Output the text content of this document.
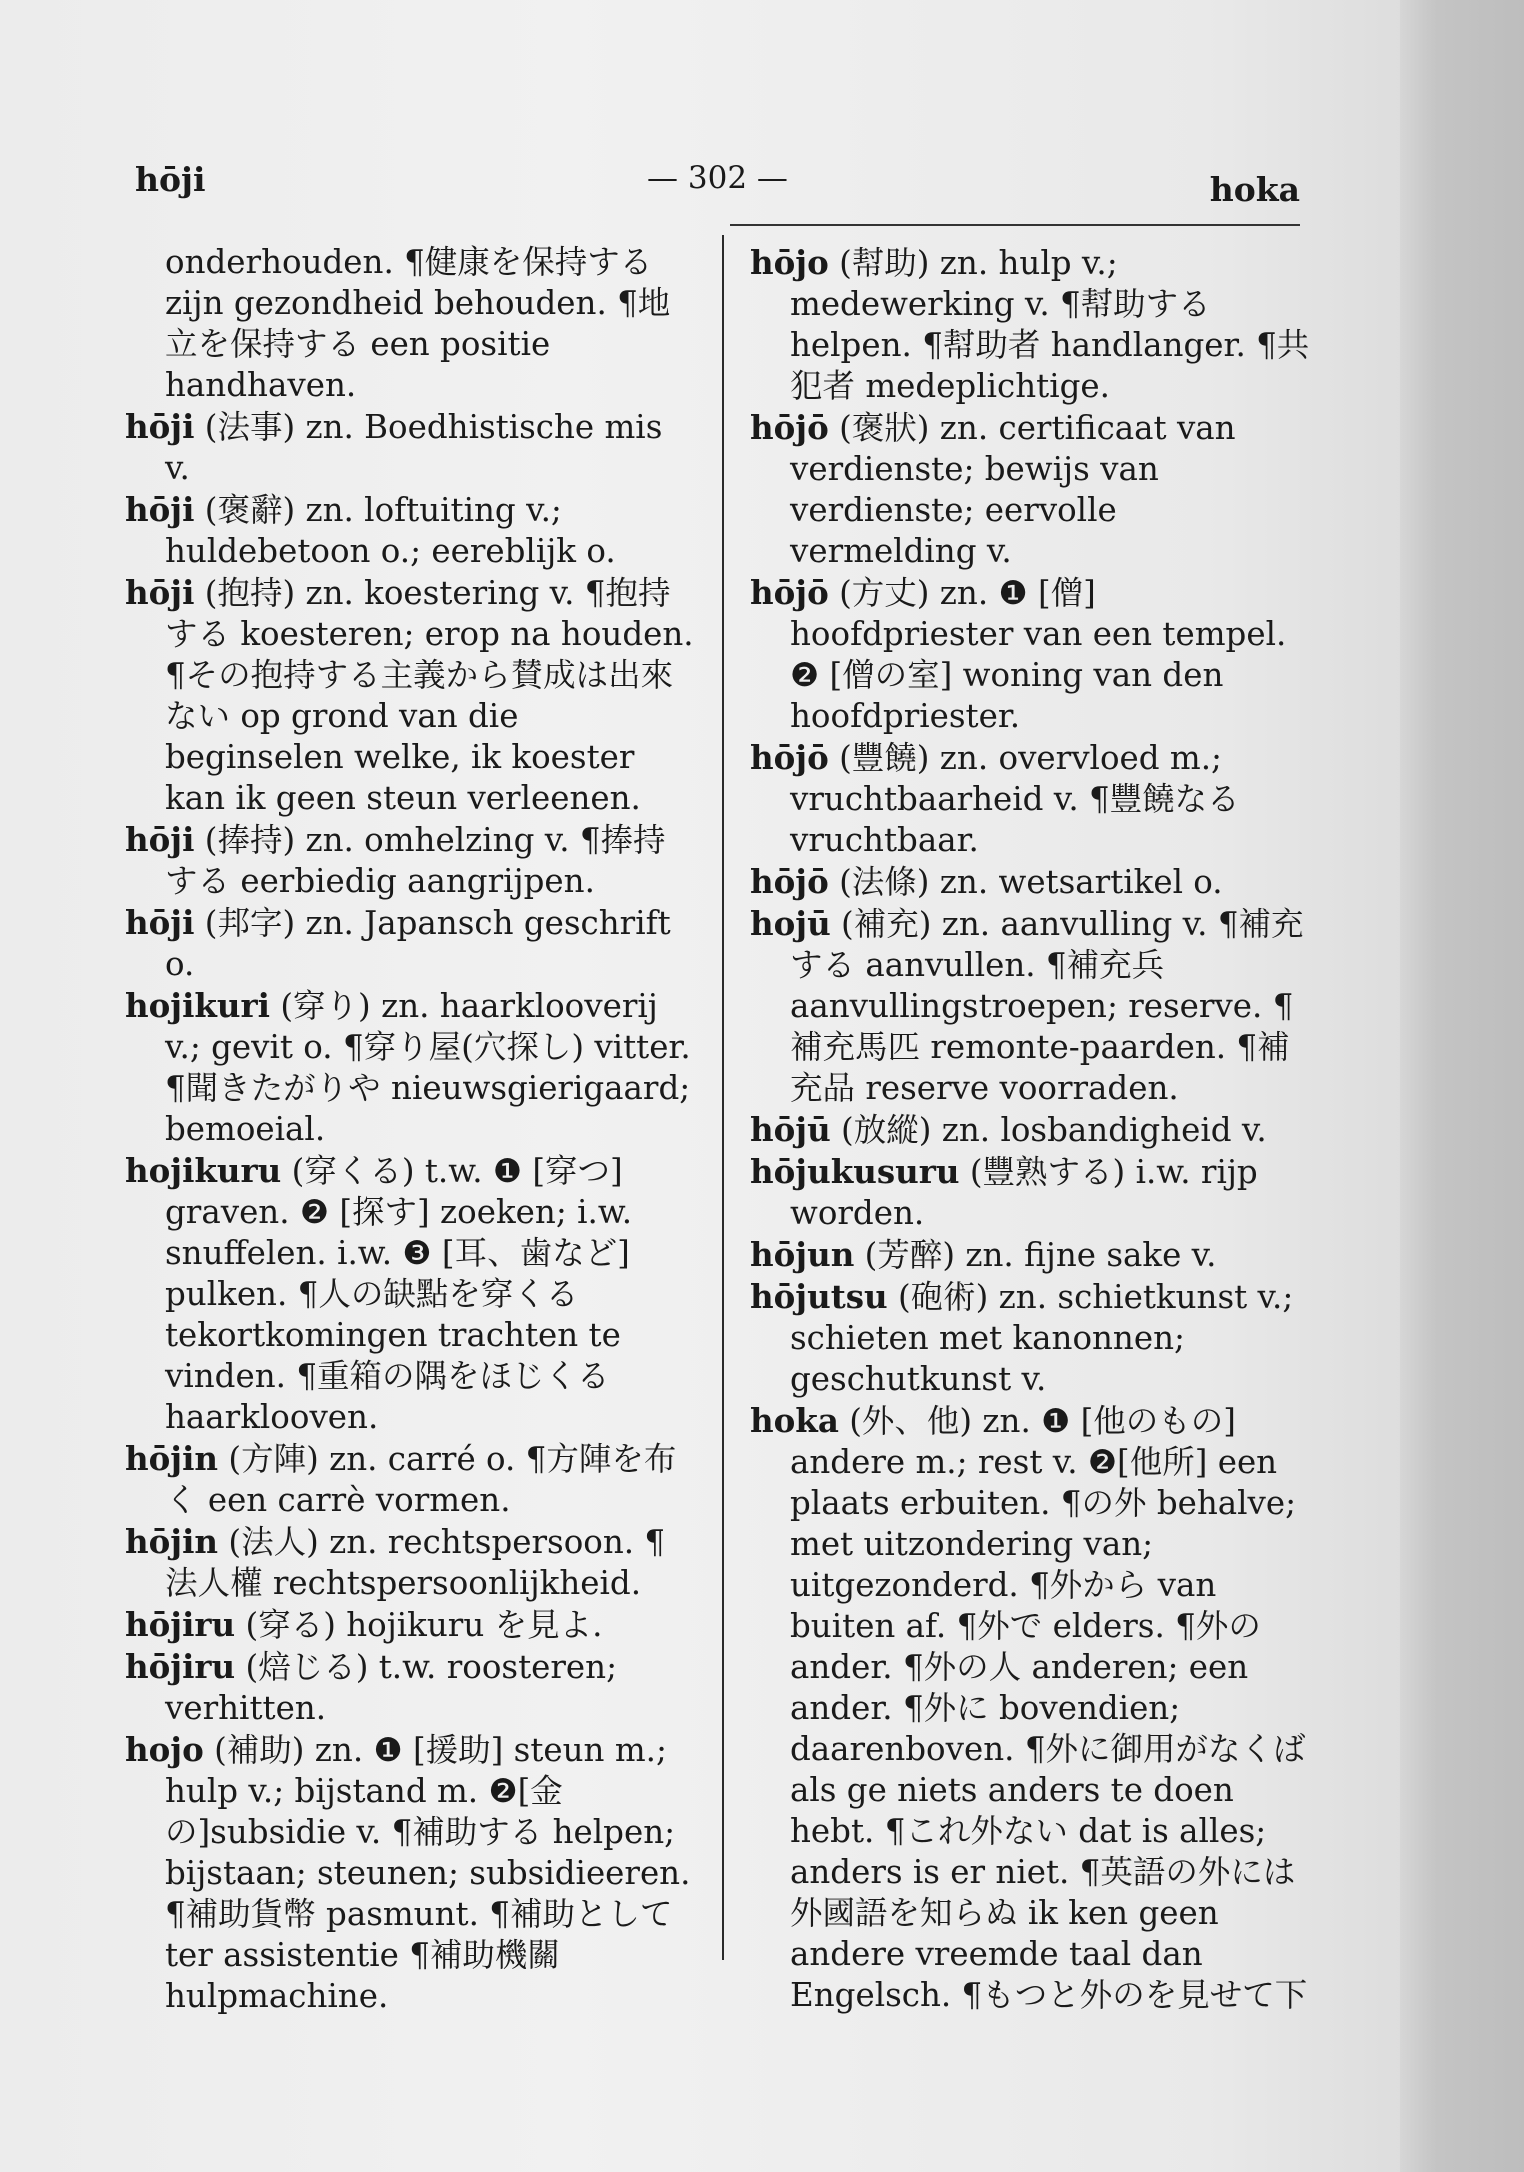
hōji	— 302 —	hoka

onderhouden. ¶健康を保持する zijn gezondheid behouden. ¶地立を保持する een positie handhaven.

hōji (法事) zn. Boedhistische mis v.

hōji (褒辭) zn. loftuiting v.; huldebetoon o.; eereblijk o.

hōji (抱持) zn. koestering v. ¶抱持する koesteren; erop na houden. ¶その抱持する主義から賛成は出來ない op grond van die beginselen welke, ik koester kan ik geen steun verleenen.

hōji (捧持) zn. omhelzing v. ¶捧持する eerbiedig aangrijpen.

hōji (邦字) zn. Japansch geschrift o.

hojikuri (穿り) zn. haarklooverij v.; gevit o. ¶穿り屋(穴探し) vitter. ¶聞きたがりや nieuwsgierigaard; bemoeial.

hojikuru (穿くる) t.w. ❶ [穿つ] graven. ❷ [探す] zoeken; i.w. snuffelen. i.w. ❸ [耳、歯など] pulken. ¶人の缺點を穿くる tekortkomingen trachten te vinden. ¶重箱の隅をほじくる haarklooven.

hōjin (方陣) zn. carré o. ¶方陣を布く een carrè vormen.

hōjin (法人) zn. rechtspersoon. ¶法人權 rechtspersoonlijkheid.

hōjiru (穿る) hojikuru を見よ.

hōjiru (焙じる) t.w. roosteren; verhitten.

hojo (補助) zn. ❶ [援助] steun m.; hulp v.; bijstand m. ❷[金の]subsidie v. ¶補助する helpen; bijstaan; steunen; subsidieeren. ¶補助貨幣 pasmunt. ¶補助として ter assistentie ¶補助機關 hulpmachine.

hōjo (幇助) zn. hulp v.; medewerking v. ¶幇助する helpen. ¶幇助者 handlanger. ¶共犯者 medeplichtige.

hōjō (褒狀) zn. certificaat van verdienste; bewijs van verdienste; eervolle vermelding v.

hōjō (方丈) zn. ❶ [僧] hoofdpriester van een tempel. ❷ [僧の室] woning van den hoofdpriester.

hōjō (豐饒) zn. overvloed m.; vruchtbaarheid v. ¶豐饒なる vruchtbaar.

hōjō (法條) zn. wetsartikel o.

hojū (補充) zn. aanvulling v. ¶補充する aanvullen. ¶補充兵 aanvullingstroepen; reserve. ¶補充馬匹 remonte-paarden. ¶補充品 reserve voorraden.

hōjū (放縱) zn. losbandigheid v.

hōjukusuru (豐熟する) i.w. rijp worden.

hōjun (芳醉) zn. fijne sake v.

hōjutsu (砲術) zn. schietkunst v.; schieten met kanonnen; geschutkunst v.

hoka (外、他) zn. ❶ [他のもの] andere m.; rest v. ❷[他所] een plaats erbuiten. ¶の外 behalve; met uitzondering van; uitgezonderd. ¶外から van buiten af. ¶外で elders. ¶外の ander. ¶外の人 anderen; een ander. ¶外に bovendien; daarenboven. ¶外に御用がなくば als ge niets anders te doen hebt. ¶これ外ない dat is alles; anders is er niet. ¶英語の外には外國語を知らぬ ik ken geen andere vreemde taal dan Engelsch. ¶もつと外のを見せて下
